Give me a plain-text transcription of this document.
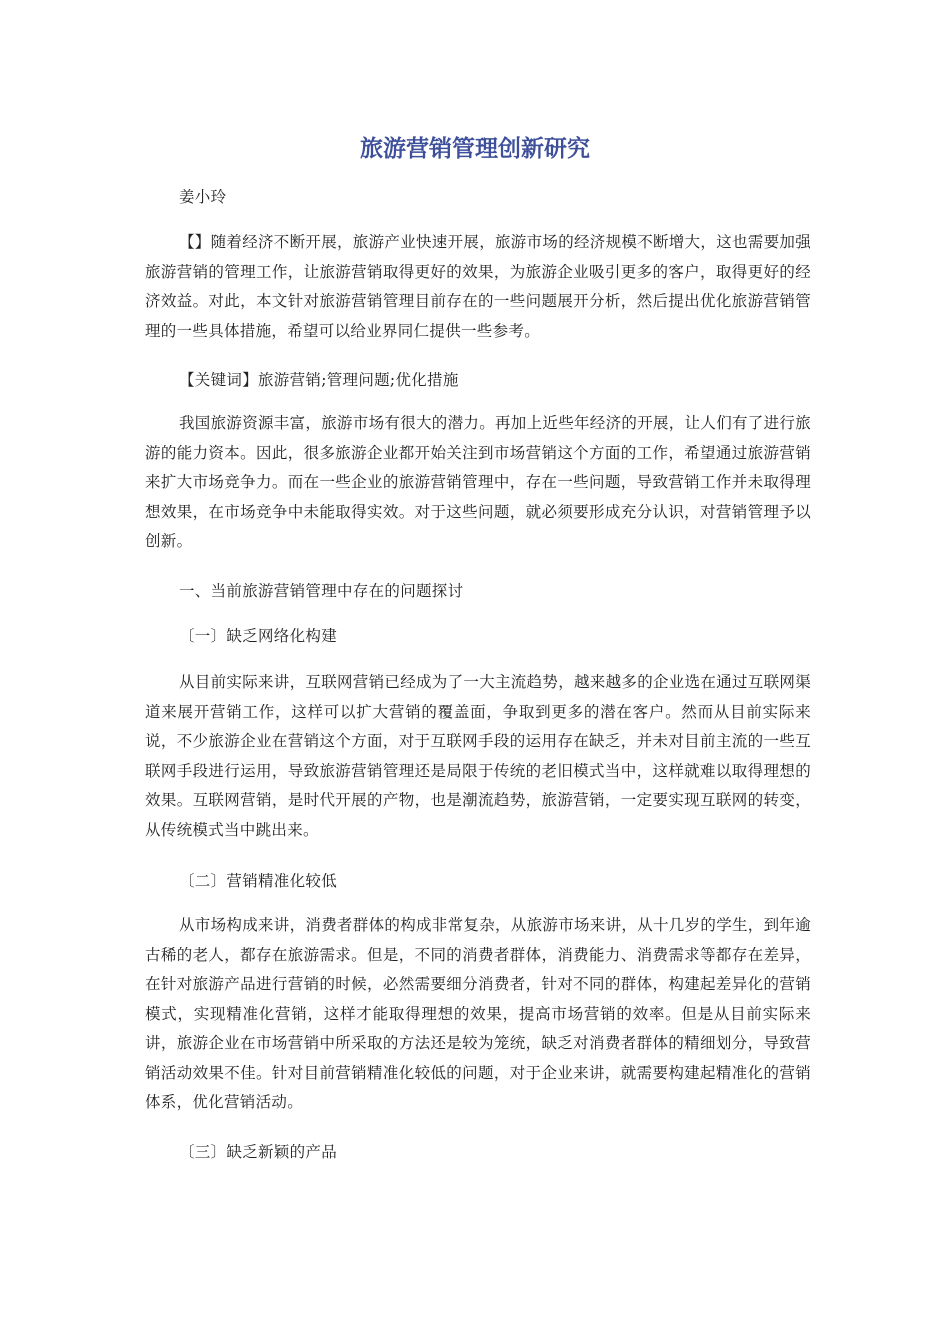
旅游营销管理创新研究

姜小玲

【】随着经济不断开展，旅游产业快速开展，旅游市场的经济规模不断增大，这也需要加强旅游营销的管理工作，让旅游营销取得更好的效果，为旅游企业吸引更多的客户，取得更好的经济效益。对此，本文针对旅游营销管理目前存在的一些问题展开分析，然后提出优化旅游营销管理的一些具体措施，希望可以给业界同仁提供一些参考。

【关键词】旅游营销;管理问题;优化措施

我国旅游资源丰富，旅游市场有很大的潜力。再加上近些年经济的开展，让人们有了进行旅游的能力资本。因此，很多旅游企业都开始关注到市场营销这个方面的工作，希望通过旅游营销来扩大市场竞争力。而在一些企业的旅游营销管理中，存在一些问题，导致营销工作并未取得理想效果，在市场竞争中未能取得实效。对于这些问题，就必须要形成充分认识，对营销管理予以创新。

一、当前旅游营销管理中存在的问题探讨

〔一〕缺乏网络化构建

从目前实际来讲，互联网营销已经成为了一大主流趋势，越来越多的企业选在通过互联网渠道来展开营销工作，这样可以扩大营销的覆盖面，争取到更多的潜在客户。然而从目前实际来说，不少旅游企业在营销这个方面，对于互联网手段的运用存在缺乏，并未对目前主流的一些互联网手段进行运用，导致旅游营销管理还是局限于传统的老旧模式当中，这样就难以取得理想的效果。互联网营销，是时代开展的产物，也是潮流趋势，旅游营销，一定要实现互联网的转变，从传统模式当中跳出来。

〔二〕营销精准化较低

从市场构成来讲，消费者群体的构成非常复杂，从旅游市场来讲，从十几岁的学生，到年逾古稀的老人，都存在旅游需求。但是，不同的消费者群体，消费能力、消费需求等都存在差异，在针对旅游产品进行营销的时候，必然需要细分消费者，针对不同的群体，构建起差异化的营销模式，实现精准化营销，这样才能取得理想的效果，提高市场营销的效率。但是从目前实际来讲，旅游企业在市场营销中所采取的方法还是较为笼统，缺乏对消费者群体的精细划分，导致营销活动效果不佳。针对目前营销精准化较低的问题，对于企业来讲，就需要构建起精准化的营销体系，优化营销活动。

〔三〕缺乏新颖的产品
